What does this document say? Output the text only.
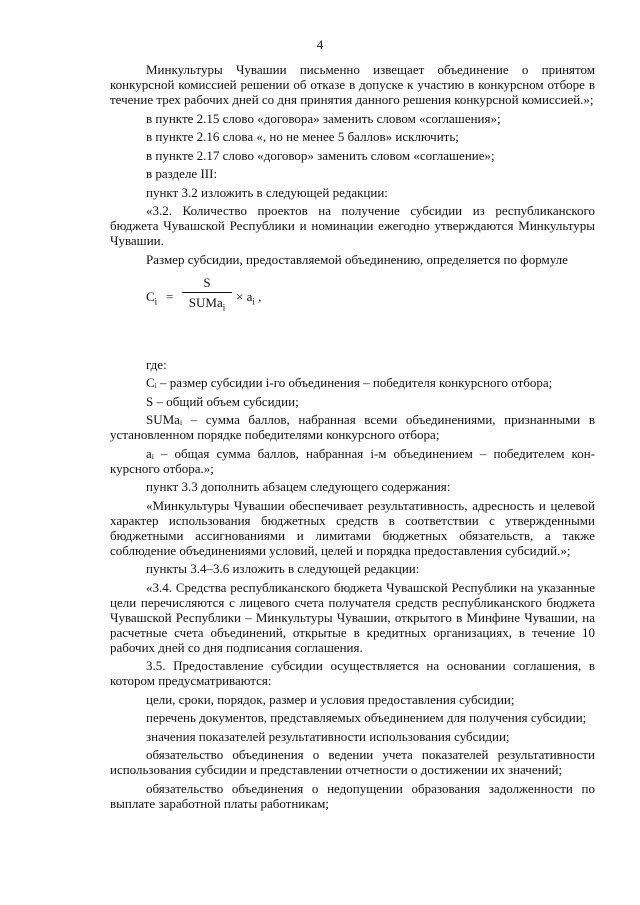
4

Минкультуры Чувашии письменно извещает объединение о принятом конкурсной комиссией решении об отказе в допуске к участию в конкурсном отборе в течение трех рабочих дней со дня принятия данного решения конкурсной комиссией.»;

в пункте 2.15 слово «договора» заменить словом «соглашения»;

в пункте 2.16 слова «, но не менее 5 баллов» исключить;

в пункте 2.17 слово «договор» заменить словом «соглашение»;

в разделе III:

пункт 3.2 изложить в следующей редакции:

«3.2. Количество проектов на получение субсидии из республиканского бюджета Чувашской Республики и номинации ежегодно утверждаются Минкультуры Чувашии.

Размер субсидии, предоставляемой объединению, определяется по формуле

$C_i$ =
S
SUMa$_i$
× $a_i$ ,

где:

Cᵢ – размер субсидии i-го объединения – победителя конкурсного отбора;

S – общий объем субсидии;

SUMaᵢ – сумма баллов, набранная всеми объединениями, признанными в установленном порядке победителями конкурсного отбора;

aᵢ – общая сумма баллов, набранная i-м объединением – победителем конкурсного отбора.»;

пункт 3.3 дополнить абзацем следующего содержания:

«Минкультуры Чувашии обеспечивает результативность, адресность и целевой характер использования бюджетных средств в соответствии с утвержденными бюджетными ассигнованиями и лимитами бюджетных обязательств, а также соблюдение объединениями условий, целей и порядка предоставления субсидий.»;

пункты 3.4–3.6 изложить в следующей редакции:

«3.4. Средства республиканского бюджета Чувашской Республики на указанные цели перечисляются с лицевого счета получателя средств республиканского бюджета Чувашской Республики – Минкультуры Чувашии, открытого в Минфине Чувашии, на расчетные счета объединений, открытые в кредитных организациях, в течение 10 рабочих дней со дня подписания соглашения.

3.5. Предоставление субсидии осуществляется на основании соглашения, в котором предусматриваются:

цели, сроки, порядок, размер и условия предоставления субсидии;

перечень документов, представляемых объединением для получения субсидии;

значения показателей результативности использования субсидии;

обязательство объединения о ведении учета показателей результативности использования субсидии и представлении отчетности о достижении их значений;

обязательство объединения о недопущении образования задолженности по выплате заработной платы работникам;
